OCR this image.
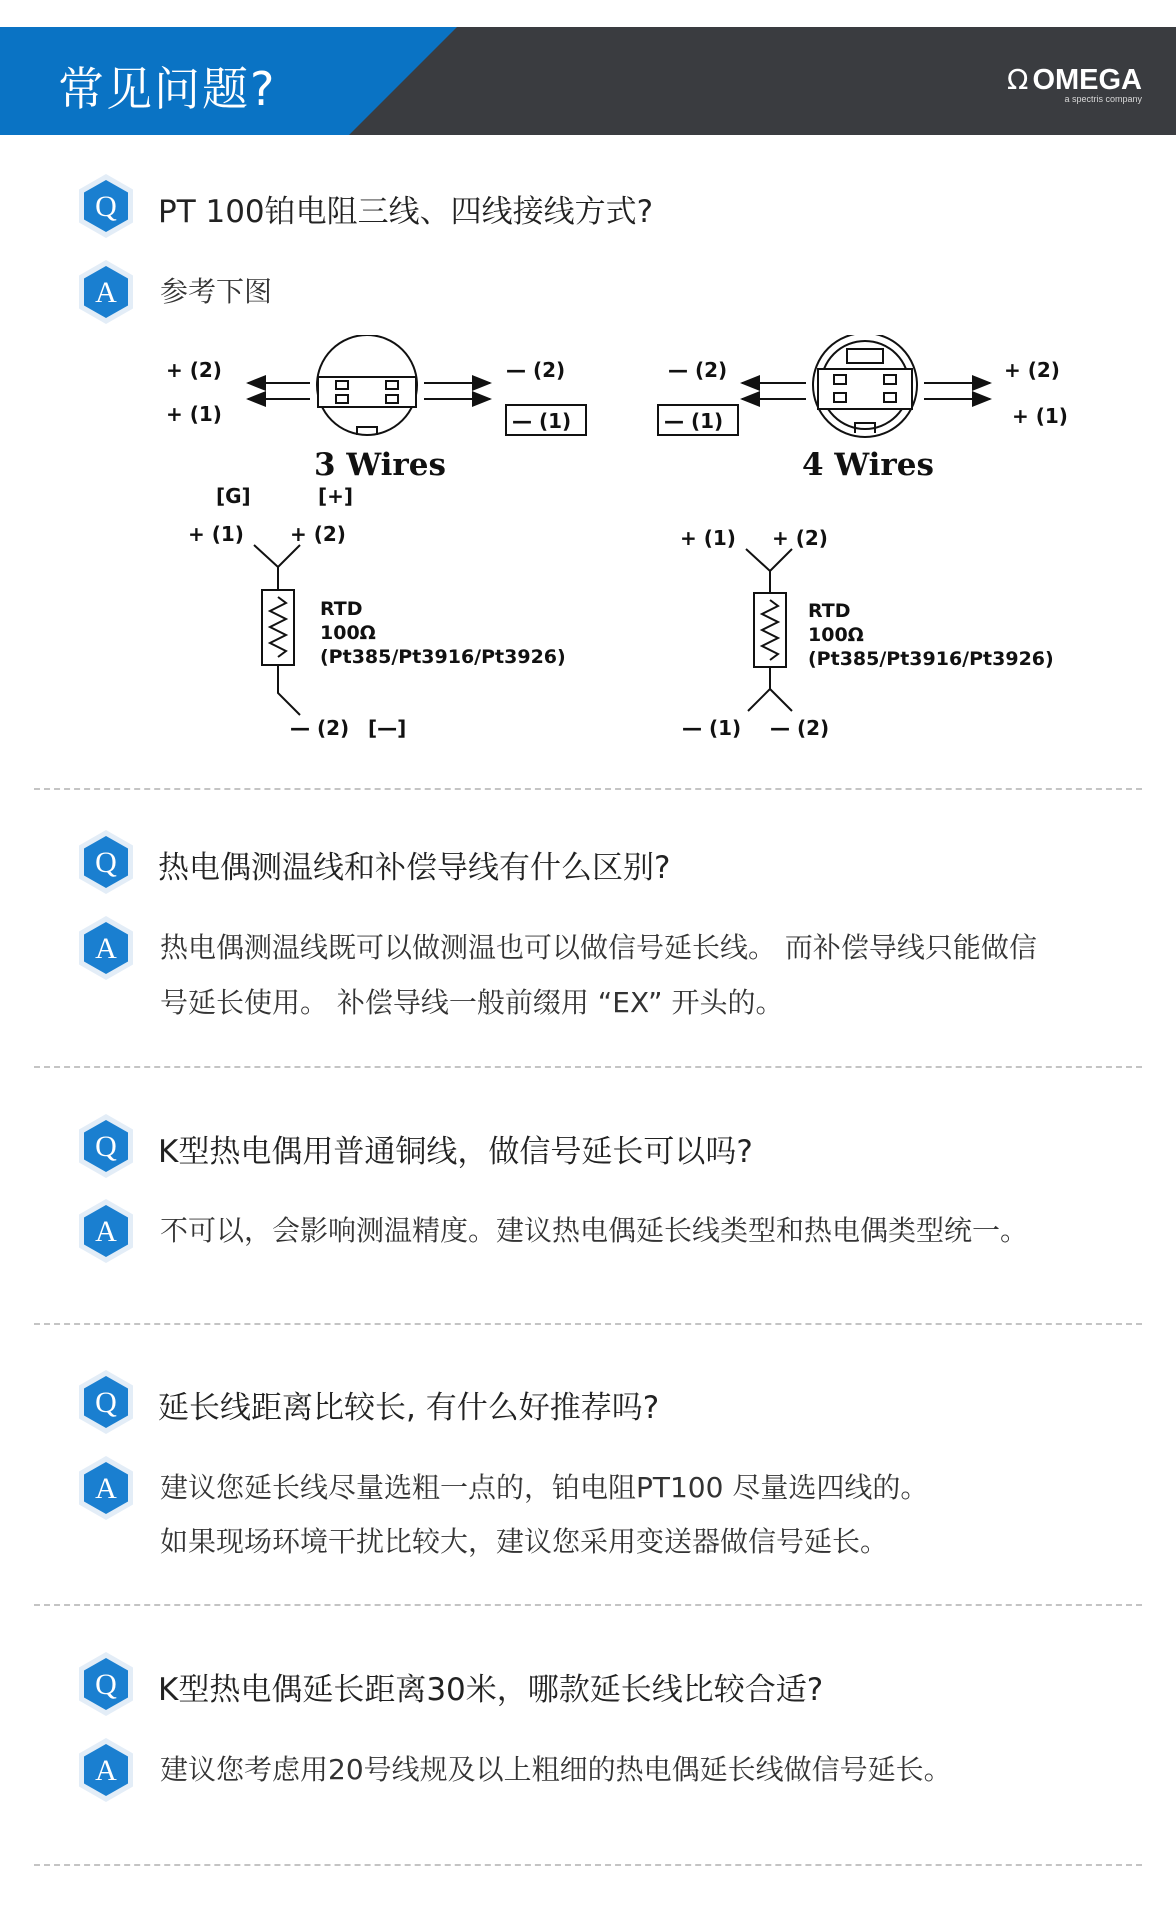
常见问题?	Ω OMEGA
a spectris company
Q PT 100铂电阻三线、四线接线方式?
A 参考下图
+ (2)
+ (1)
— (2)
— (1)
3 Wires
[G]	[+]
+ (1) + (2)
RTD
100Ω
(Pt385/Pt3916/Pt3926)
— (2) [—]
— (2)
— (1)
+ (2)
+ (1)
4 Wires
+ (1) + (2)
RTD
100Ω
(Pt385/Pt3916/Pt3926)
— (1) — (2)
Q 热电偶测温线和补偿导线有什么区别?
A 热电偶测温线既可以做测温也可以做信号延长线。 而补偿导线只能做信
号延长使用。 补偿导线一般前缀用 “EX” 开头的。
Q K型热电偶用普通铜线，做信号延长可以吗?
A 不可以，会影响测温精度。建议热电偶延长线类型和热电偶类型统一。
Q 延长线距离比较长, 有什么好推荐吗?
A 建议您延长线尽量选粗一点的，铂电阻PT100 尽量选四线的。
如果现场环境干扰比较大，建议您采用变送器做信号延长。
Q K型热电偶延长距离30米，哪款延长线比较合适?
A 建议您考虑用20号线规及以上粗细的热电偶延长线做信号延长。
